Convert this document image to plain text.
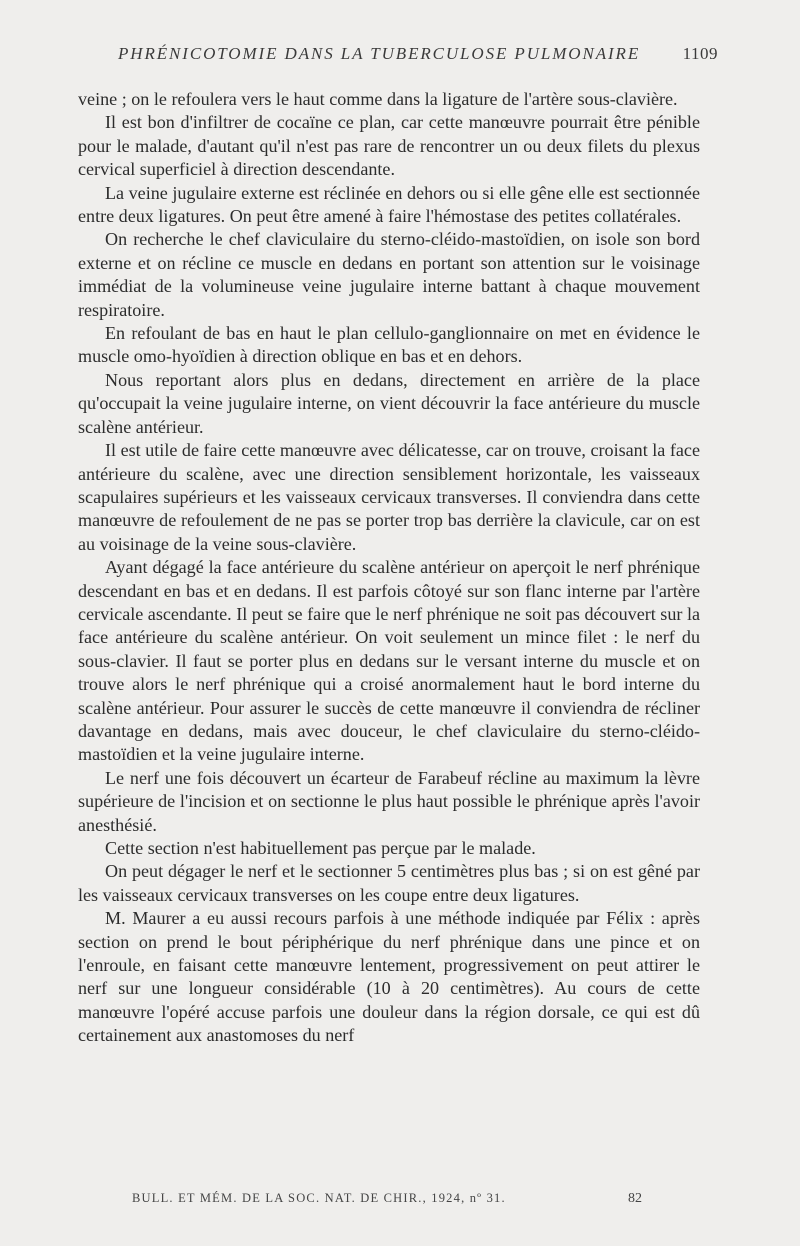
PHRÉNICOTOMIE DANS LA TUBERCULOSE PULMONAIRE 1109

veine ; on le refoulera vers le haut comme dans la ligature de l'artère sous-clavière.

Il est bon d'infiltrer de cocaïne ce plan, car cette manœuvre pourrait être pénible pour le malade, d'autant qu'il n'est pas rare de rencontrer un ou deux filets du plexus cervical superficiel à direction descendante.

La veine jugulaire externe est réclinée en dehors ou si elle gêne elle est sectionnée entre deux ligatures. On peut être amené à faire l'hémostase des petites collatérales.

On recherche le chef claviculaire du sterno-cléido-mastoïdien, on isole son bord externe et on récline ce muscle en dedans en portant son attention sur le voisinage immédiat de la volumineuse veine jugulaire interne battant à chaque mouvement respiratoire.

En refoulant de bas en haut le plan cellulo-ganglionnaire on met en évidence le muscle omo-hyoïdien à direction oblique en bas et en dehors.

Nous reportant alors plus en dedans, directement en arrière de la place qu'occupait la veine jugulaire interne, on vient découvrir la face antérieure du muscle scalène antérieur.

Il est utile de faire cette manœuvre avec délicatesse, car on trouve, croisant la face antérieure du scalène, avec une direction sensiblement horizontale, les vaisseaux scapulaires supérieurs et les vaisseaux cervicaux transverses. Il conviendra dans cette manœuvre de refoulement de ne pas se porter trop bas derrière la clavicule, car on est au voisinage de la veine sous-clavière.

Ayant dégagé la face antérieure du scalène antérieur on aperçoit le nerf phrénique descendant en bas et en dedans. Il est parfois côtoyé sur son flanc interne par l'artère cervicale ascendante. Il peut se faire que le nerf phrénique ne soit pas découvert sur la face antérieure du scalène antérieur. On voit seulement un mince filet : le nerf du sous-clavier. Il faut se porter plus en dedans sur le versant interne du muscle et on trouve alors le nerf phrénique qui a croisé anormalement haut le bord interne du scalène antérieur. Pour assurer le succès de cette manœuvre il conviendra de récliner davantage en dedans, mais avec douceur, le chef claviculaire du sterno-cléido-mastoïdien et la veine jugulaire interne.

Le nerf une fois découvert un écarteur de Farabeuf récline au maximum la lèvre supérieure de l'incision et on sectionne le plus haut possible le phrénique après l'avoir anesthésié.

Cette section n'est habituellement pas perçue par le malade.

On peut dégager le nerf et le sectionner 5 centimètres plus bas ; si on est gêné par les vaisseaux cervicaux transverses on les coupe entre deux ligatures.

M. Maurer a eu aussi recours parfois à une méthode indiquée par Félix : après section on prend le bout périphérique du nerf phrénique dans une pince et on l'enroule, en faisant cette manœuvre lentement, progressivement on peut attirer le nerf sur une longueur considérable (10 à 20 centimètres). Au cours de cette manœuvre l'opéré accuse parfois une douleur dans la région dorsale, ce qui est dû certainement aux anastomoses du nerf

BULL. ET MÉM. DE LA SOC. NAT. DE CHIR., 1924, nº 31.	82
